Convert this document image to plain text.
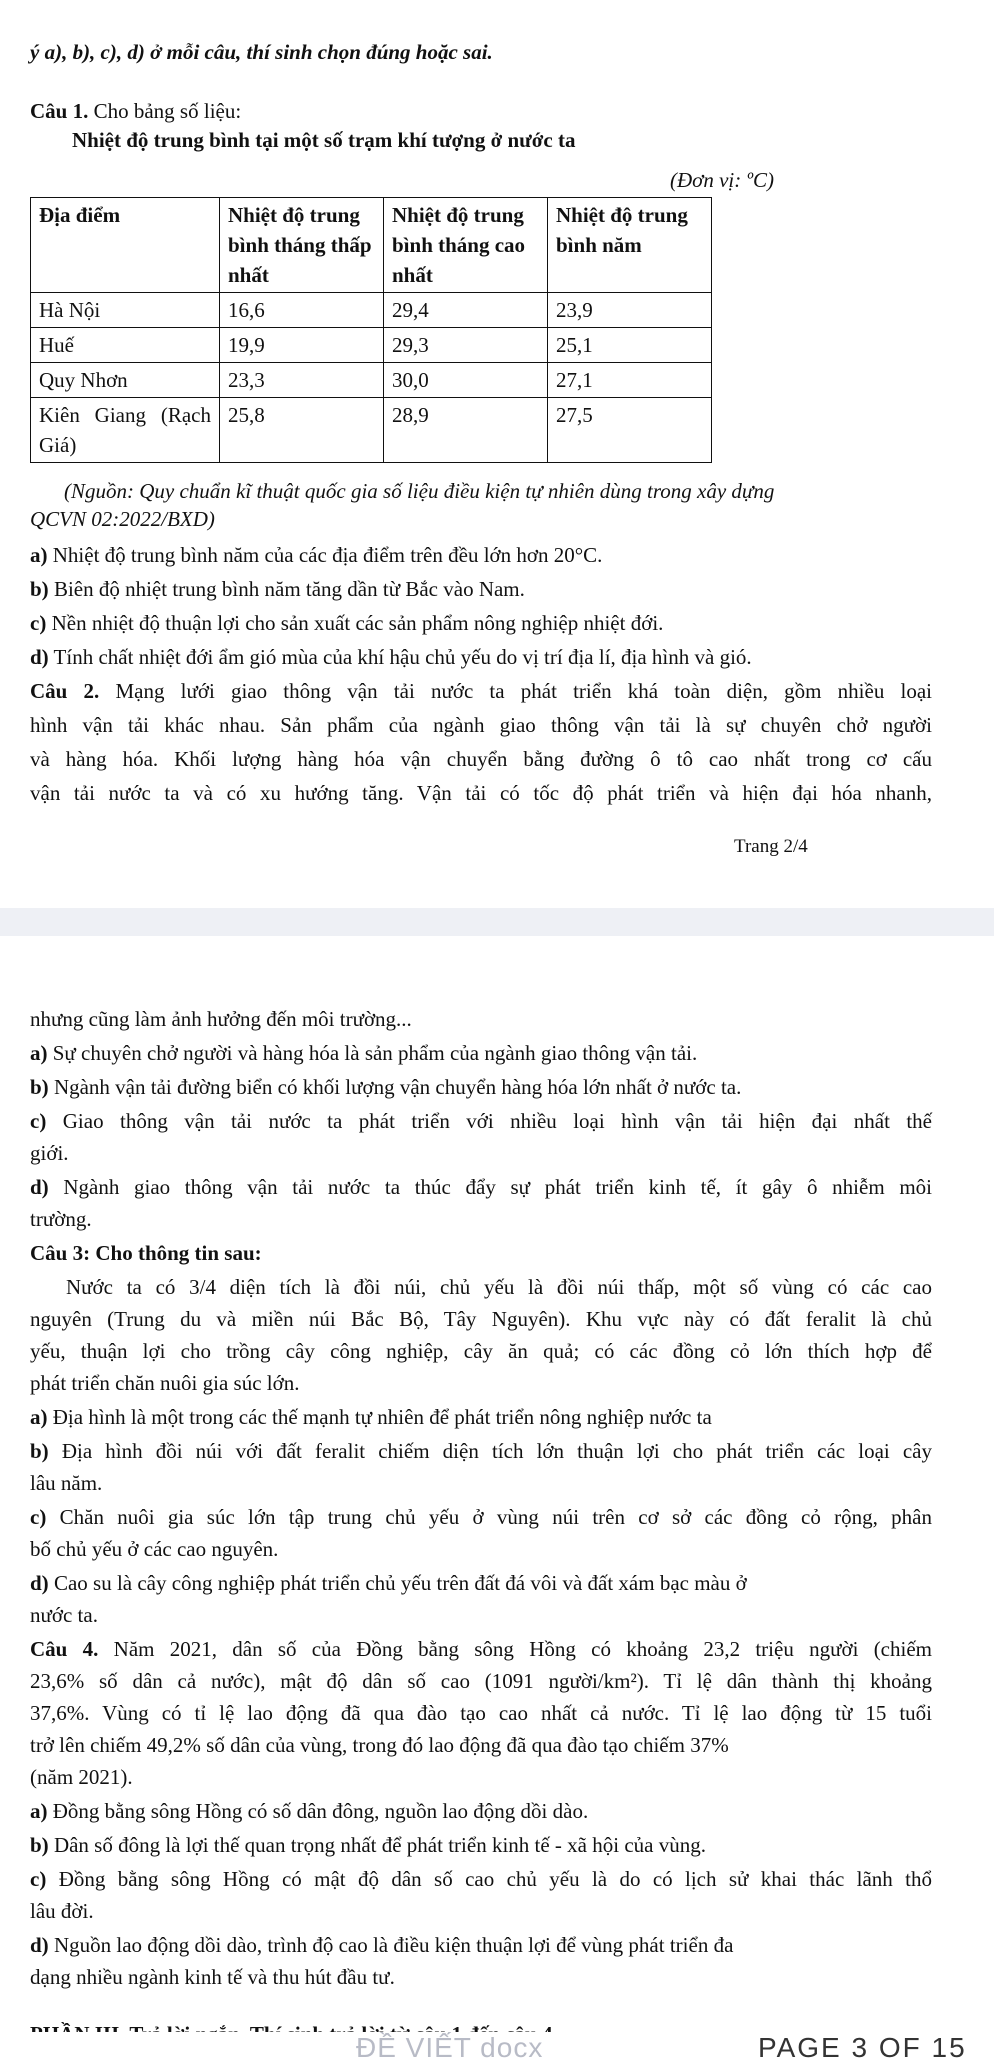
ý a), b), c), d) ở mỗi câu, thí sinh chọn đúng hoặc sai.
Câu 1. Cho bảng số liệu:
Nhiệt độ trung bình tại một số trạm khí tượng ở nước ta
(Đơn vị: ºC)
Địa điểm	Nhiệt độ trung bình tháng thấp nhất	Nhiệt độ trung bình tháng cao nhất	Nhiệt độ trung bình năm
Hà Nội	16,6	29,4	23,9
Huế	19,9	29,3	25,1
Quy Nhơn	23,3	30,0	27,1
Kiên Giang (Rạch Giá)	25,8	28,9	27,5
(Nguồn: Quy chuẩn kĩ thuật quốc gia số liệu điều kiện tự nhiên dùng trong xây dựng
QCVN 02:2022/BXD)
a) Nhiệt độ trung bình năm của các địa điểm trên đều lớn hơn 20°C.
b) Biên độ nhiệt trung bình năm tăng dần từ Bắc vào Nam.
c) Nền nhiệt độ thuận lợi cho sản xuất các sản phẩm nông nghiệp nhiệt đới.
d) Tính chất nhiệt đới ẩm gió mùa của khí hậu chủ yếu do vị trí địa lí, địa hình và gió.
Câu 2. Mạng lưới giao thông vận tải nước ta phát triển khá toàn diện, gồm nhiều loại
hình vận tải khác nhau. Sản phẩm của ngành giao thông vận tải là sự chuyên chở người
và hàng hóa. Khối lượng hàng hóa vận chuyển bằng đường ô tô cao nhất trong cơ cấu
vận tải nước ta và có xu hướng tăng. Vận tải có tốc độ phát triển và hiện đại hóa nhanh,
Trang 2/4
nhưng cũng làm ảnh hưởng đến môi trường...
a) Sự chuyên chở người và hàng hóa là sản phẩm của ngành giao thông vận tải.
b) Ngành vận tải đường biển có khối lượng vận chuyển hàng hóa lớn nhất ở nước ta.
c) Giao thông vận tải nước ta phát triển với nhiều loại hình vận tải hiện đại nhất thế
giới.
d) Ngành giao thông vận tải nước ta thúc đẩy sự phát triển kinh tế, ít gây ô nhiễm môi
trường.
Câu 3: Cho thông tin sau:
Nước ta có 3/4 diện tích là đồi núi, chủ yếu là đồi núi thấp, một số vùng có các cao
nguyên (Trung du và miền núi Bắc Bộ, Tây Nguyên). Khu vực này có đất feralit là chủ
yếu, thuận lợi cho trồng cây công nghiệp, cây ăn quả; có các đồng cỏ lớn thích hợp để
phát triển chăn nuôi gia súc lớn.
a) Địa hình là một trong các thế mạnh tự nhiên để phát triển nông nghiệp nước ta
b) Địa hình đồi núi với đất feralit chiếm diện tích lớn thuận lợi cho phát triển các loại cây
lâu năm.
c) Chăn nuôi gia súc lớn tập trung chủ yếu ở vùng núi trên cơ sở các đồng cỏ rộng, phân
bố chủ yếu ở các cao nguyên.
d) Cao su là cây công nghiệp phát triển chủ yếu trên đất đá vôi và đất xám bạc màu ở
nước ta.
Câu 4. Năm 2021, dân số của Đồng bằng sông Hồng có khoảng 23,2 triệu người (chiếm
23,6% số dân cả nước), mật độ dân số cao (1091 người/km²). Tỉ lệ dân thành thị khoảng
37,6%. Vùng có tỉ lệ lao động đã qua đào tạo cao nhất cả nước. Tỉ lệ lao động từ 15 tuổi
trở lên chiếm 49,2% số dân của vùng, trong đó lao động đã qua đào tạo chiếm 37%
(năm 2021).
a) Đồng bằng sông Hồng có số dân đông, nguồn lao động dồi dào.
b) Dân số đông là lợi thế quan trọng nhất để phát triển kinh tế - xã hội của vùng.
c) Đồng bằng sông Hồng có mật độ dân số cao chủ yếu là do có lịch sử khai thác lãnh thổ
lâu đời.
d) Nguồn lao động dồi dào, trình độ cao là điều kiện thuận lợi để vùng phát triển đa
dạng nhiều ngành kinh tế và thu hút đầu tư.
ĐỀ VIẾT docx	PAGE 3 OF 15
